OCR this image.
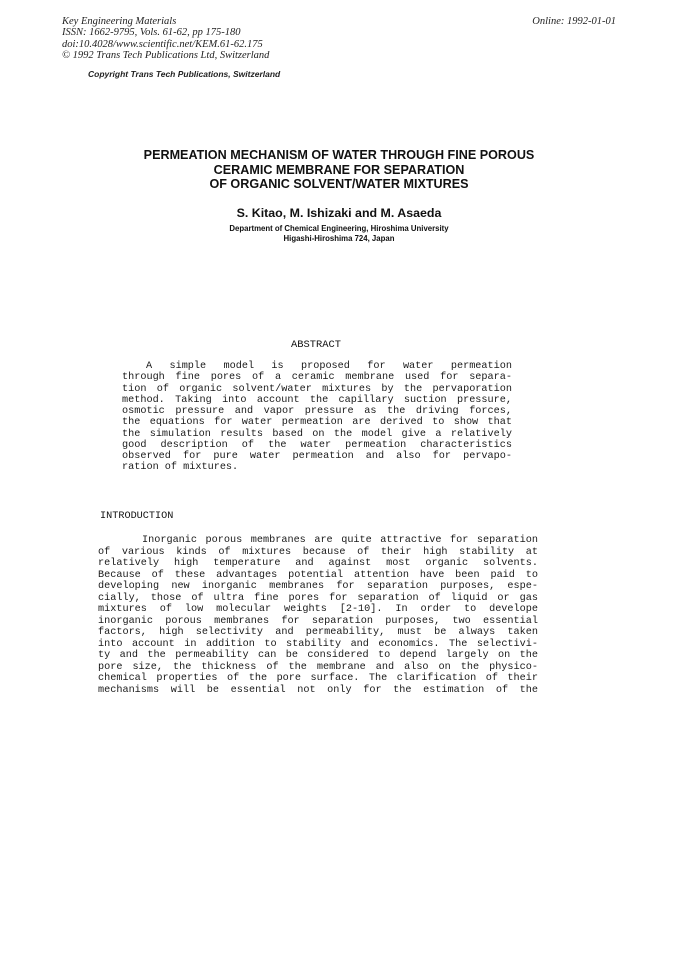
Key Engineering Materials
ISSN: 1662-9795, Vols. 61-62, pp 175-180
doi:10.4028/www.scientific.net/KEM.61-62.175
© 1992 Trans Tech Publications Ltd, Switzerland
Online: 1992-01-01
Copyright Trans Tech Publications, Switzerland
PERMEATION MECHANISM OF WATER THROUGH FINE POROUS
CERAMIC MEMBRANE FOR SEPARATION
OF ORGANIC SOLVENT/WATER MIXTURES
S. Kitao, M. Ishizaki and M. Asaeda
Department of Chemical Engineering, Hiroshima University
Higashi-Hiroshima 724, Japan
ABSTRACT
A simple model is proposed for water permeation
through fine pores of a ceramic membrane used for separa-
tion of organic solvent/water mixtures by the pervaporation
method. Taking into account the capillary suction pressure,
osmotic pressure and vapor pressure as the driving forces,
the equations for water permeation are derived to show that
the simulation results based on the model give a relatively
good description of the water permeation characteristics
observed for pure water permeation and also for pervapo-
ration of mixtures.
INTRODUCTION
Inorganic porous membranes are quite attractive for separation
of various kinds of mixtures because of their high stability at
relatively high temperature and against most organic solvents.
Because of these advantages potential attention have been paid to
developing new inorganic membranes for separation purposes, espe-
cially, those of ultra fine pores for separation of liquid or gas
mixtures of low molecular weights [2-10]. In order to develope
inorganic porous membranes for separation purposes, two essential
factors, high selectivity and permeability, must be always taken
into account in addition to stability and economics. The selectivi-
ty and the permeability can be considered to depend largely on the
pore size, the thickness of the membrane and also on the physico-
chemical properties of the pore surface. The clarification of their
mechanisms will be essential not only for the estimation of the
